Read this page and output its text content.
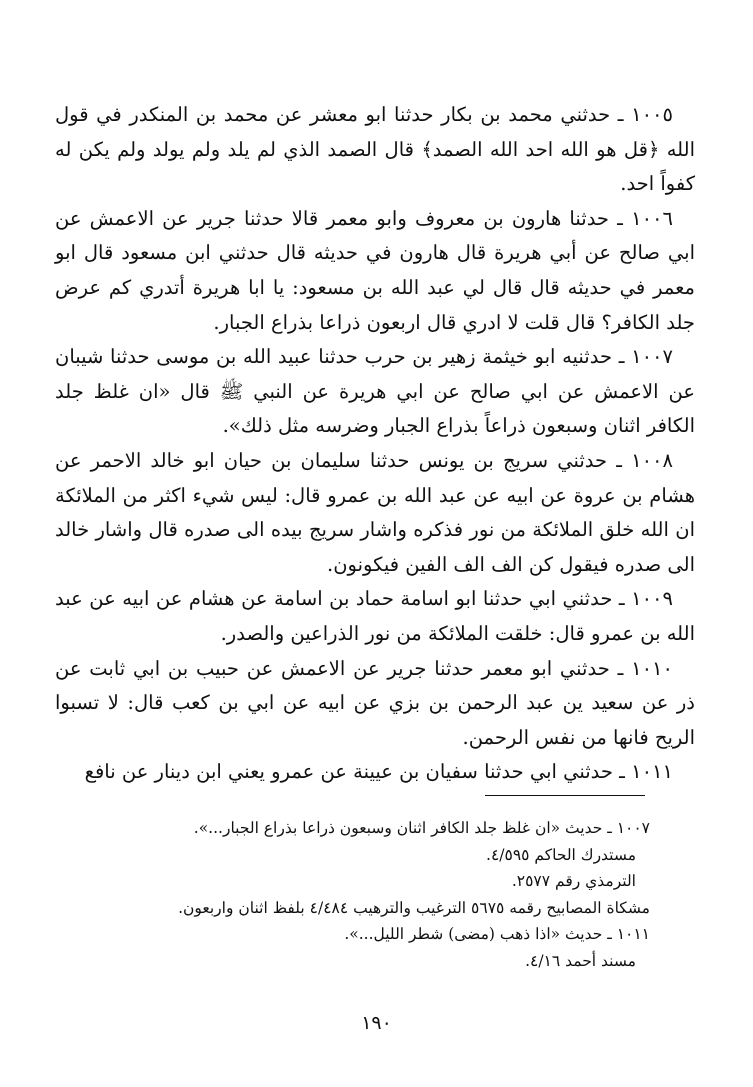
١٠٠٥ ـ حدثني محمد بن بكار حدثنا ابو معشر عن محمد بن المنكدر في قول الله ﴿قل هو الله احد الله الصمد﴾ قال الصمد الذي لم يلد ولم يولد ولم يكن له كفواً احد.

١٠٠٦ ـ حدثنا هارون بن معروف وابو معمر قالا حدثنا جرير عن الاعمش عن ابي صالح عن أبي هريرة قال هارون في حديثه قال حدثني ابن مسعود قال ابو معمر في حديثه قال قال لي عبد الله بن مسعود: يا ابا هريرة أتدري كم عرض جلد الكافر؟ قال قلت لا ادري قال اربعون ذراعا بذراع الجبار.

١٠٠٧ ـ حدثنيه ابو خيثمة زهير بن حرب حدثنا عبيد الله بن موسى حدثنا شيبان عن الاعمش عن ابي صالح عن ابي هريرة عن النبي ﷺ قال «ان غلظ جلد الكافر اثنان وسبعون ذراعاً بذراع الجبار وضرسه مثل ذلك».

١٠٠٨ ـ حدثني سريج بن يونس حدثنا سليمان بن حيان ابو خالد الاحمر عن هشام بن عروة عن ابيه عن عبد الله بن عمرو قال: ليس شيء اكثر من الملائكة ان الله خلق الملائكة من نور فذكره واشار سريج بيده الى صدره قال واشار خالد الى صدره فيقول كن الف الف الفين فيكونون.

١٠٠٩ ـ حدثني ابي حدثنا ابو اسامة حماد بن اسامة عن هشام عن ابيه عن عبد الله بن عمرو قال: خلقت الملائكة من نور الذراعين والصدر.

١٠١٠ ـ حدثني ابو معمر حدثنا جرير عن الاعمش عن حبيب بن ابي ثابت عن ذر عن سعيد ين عبد الرحمن بن بزي عن ابيه عن ابي بن كعب قال: لا تسبوا الريح فانها من نفس الرحمن.

١٠١١ ـ حدثني ابي حدثنا سفيان بن عيينة عن عمرو يعني ابن دينار عن نافع

١٠٠٧ ـ حديث «ان غلظ جلد الكافر اثنان وسبعون ذراعا بذراع الجبار...».

مستدرك الحاكم ٤/٥٩٥.

الترمذي رقم ٢٥٧٧.

مشكاة المصابيح رقمه ٥٦٧٥ الترغيب والترهيب ٤/٤٨٤ بلفظ اثنان واربعون.

١٠١١ ـ حديث «اذا ذهب (مضى) شطر الليل...».

مسند أحمد ٤/١٦.

١٩٠
